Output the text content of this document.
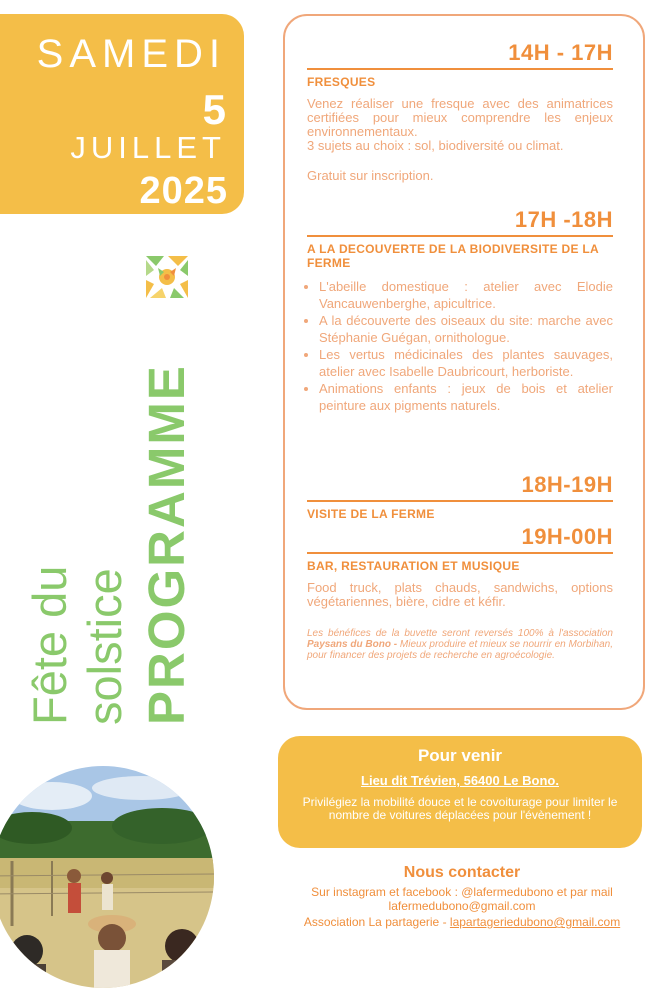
SAMEDI
5
JUILLET
2025
PROGRAMME
Fête du solstice
14H - 17H
FRESQUES

Venez réaliser une fresque avec des animatrices certifiées pour mieux comprendre les enjeux environnementaux.

3 sujets au choix : sol, biodiversité ou climat.

Gratuit sur inscription.

17H -18H
A LA DECOUVERTE DE LA BIODIVERSITE DE LA FERME
• L'abeille domestique : atelier avec Elodie Vancauwenberghe, apicultrice.
• A la découverte des oiseaux du site: marche avec Stéphanie Guégan, ornithologue.
• Les vertus médicinales des plantes sauvages, atelier avec Isabelle Daubricourt, herboriste.
• Animations enfants : jeux de bois et atelier peinture aux pigments naturels.
18H-19H
VISITE DE LA FERME
19H-00H
BAR, RESTAURATION ET MUSIQUE

Food truck, plats chauds, sandwichs, options végétariennes, bière, cidre et kéfir.

Les bénéfices de la buvette seront reversés 100% à l'association Paysans du Bono - Mieux produire et mieux se nourrir en Morbihan, pour financer des projets de recherche en agroécologie.
Pour venir
Lieu dit Trévien, 56400 Le Bono.
Privilégiez la mobilité douce et le covoiturage pour limiter le nombre de voitures déplacées pour l'évènement !
Nous contacter
Sur instagram et facebook : @lafermedubono et par mail
lafermedubono@gmail.com
Association La partagerie - lapartageriedubono@gmail.com
